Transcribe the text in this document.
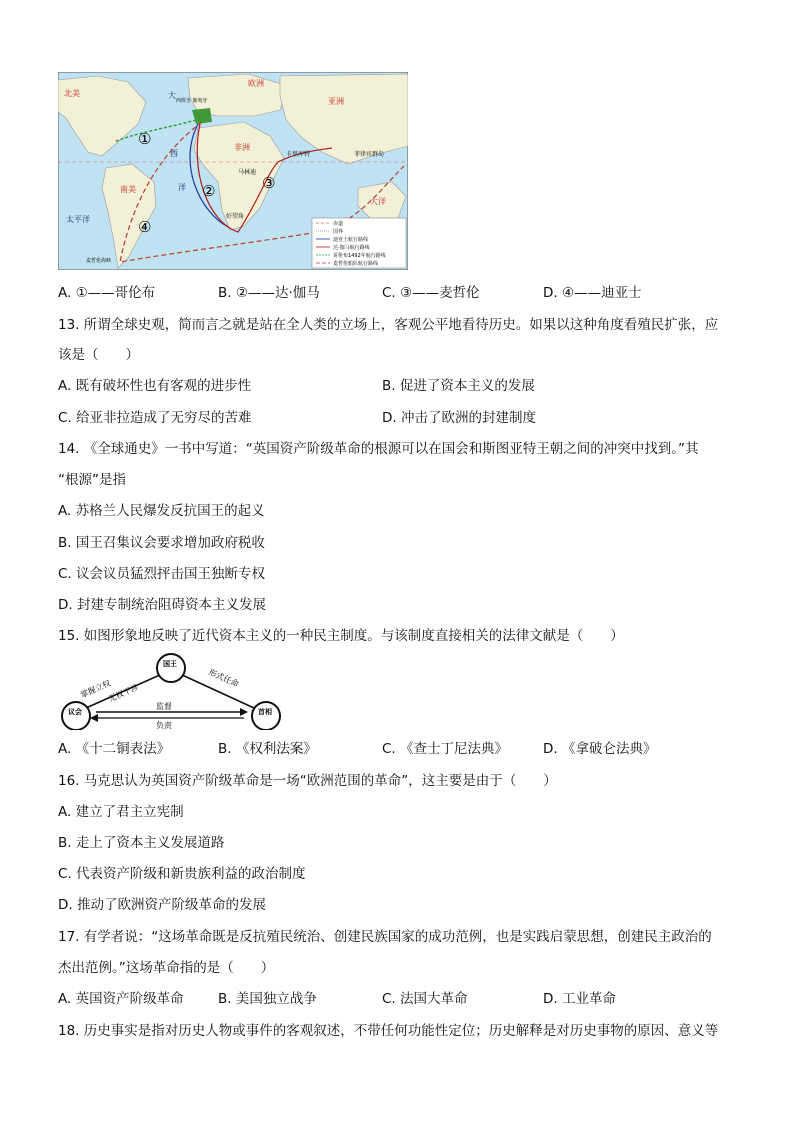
北美
欧洲
非洲
亚洲
南美
大洋
大
西
洋
太平洋
西班牙 葡萄牙
卡里库特
马林迪
好望角
菲律宾群岛
麦哲伦海峡
①
②	③
④	赤道
国界
迪亚士航行路线
达·伽马航行路线
哥伦布1492年航行路线
麦哲伦船队航行路线
A. ①——哥伦布	B. ②——达·伽马	C. ③——麦哲伦	D. ④——迪亚士
13. 所谓全球史观，简而言之就是站在全人类的立场上，客观公平地看待历史。如果以这种角度看殖民扩张，应
该是（　　）
A. 既有破坏性也有客观的进步性	B. 促进了资本主义的发展
C. 给亚非拉造成了无穷尽的苦难	D. 冲击了欧洲的封建制度
14. 《全球通史》一书中写道：“英国资产阶级革命的根源可以在国会和斯图亚特王朝之间的冲突中找到。”其
“根源”是指
A. 苏格兰人民爆发反抗国王的起义
B. 国王召集议会要求增加政府税收
C. 议会议员猛烈抨击国王独断专权
D. 封建专制统治阻碍资本主义发展
15. 如图形象地反映了近代资本主义的一种民主制度。与该制度直接相关的法律文献是（　　）
国王
议会	首相
掌握立权
无权干涉
形式任命
监督
负责
A. 《十二铜表法》	B. 《权利法案》	C. 《查士丁尼法典》	D. 《拿破仑法典》
16. 马克思认为英国资产阶级革命是一场“欧洲范围的革命”，这主要是由于（　　）
A. 建立了君主立宪制
B. 走上了资本主义发展道路
C. 代表资产阶级和新贵族利益的政治制度
D. 推动了欧洲资产阶级革命的发展
17. 有学者说：“这场革命既是反抗殖民统治、创建民族国家的成功范例，也是实践启蒙思想，创建民主政治的
杰出范例。”这场革命指的是（　　）
A. 英国资产阶级革命	B. 美国独立战争	C. 法国大革命	D. 工业革命
18. 历史事实是指对历史人物或事件的客观叙述，不带任何功能性定位；历史解释是对历史事物的原因、意义等
